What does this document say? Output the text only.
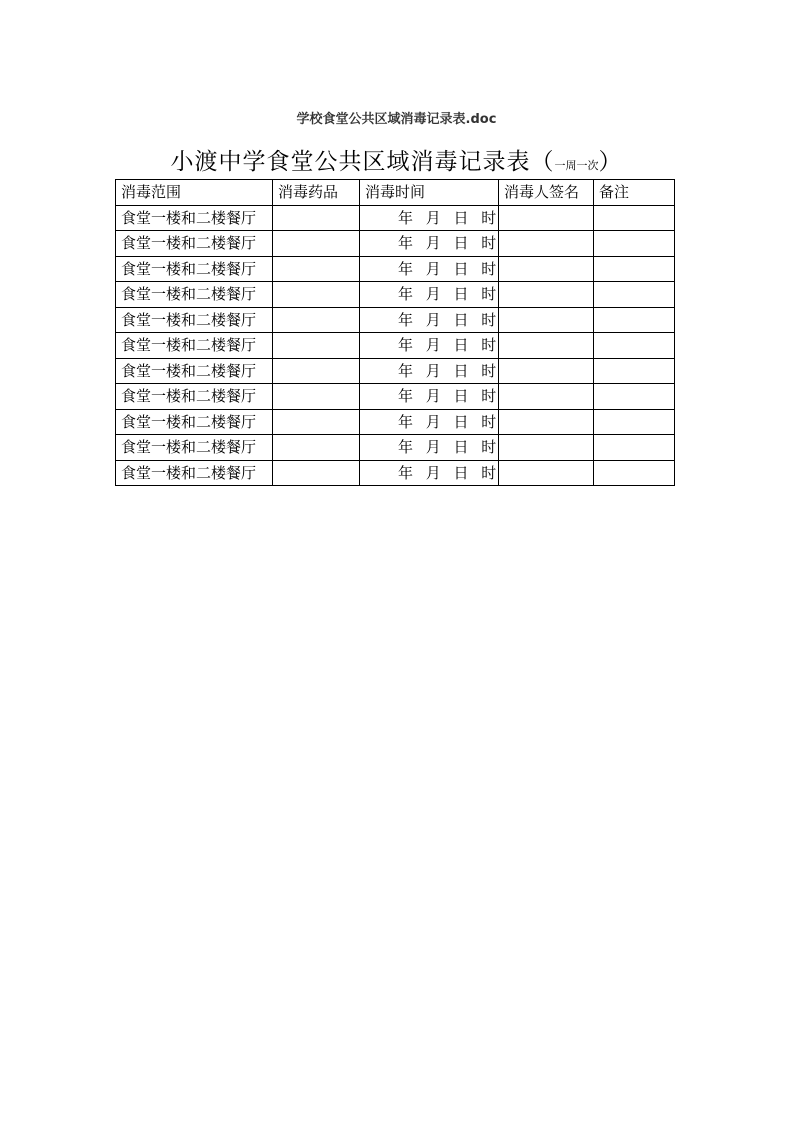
学校食堂公共区域消毒记录表.doc
小渡中学食堂公共区域消毒记录表（一周一次）
消毒范围	消毒药品	消毒时间	消毒人签名	备注
食堂一楼和二楼餐厅		年 月 日 时		
食堂一楼和二楼餐厅		年 月 日 时		
食堂一楼和二楼餐厅		年 月 日 时		
食堂一楼和二楼餐厅		年 月 日 时		
食堂一楼和二楼餐厅		年 月 日 时		
食堂一楼和二楼餐厅		年 月 日 时		
食堂一楼和二楼餐厅		年 月 日 时		
食堂一楼和二楼餐厅		年 月 日 时		
食堂一楼和二楼餐厅		年 月 日 时		
食堂一楼和二楼餐厅		年 月 日 时		
食堂一楼和二楼餐厅		年 月 日 时		
